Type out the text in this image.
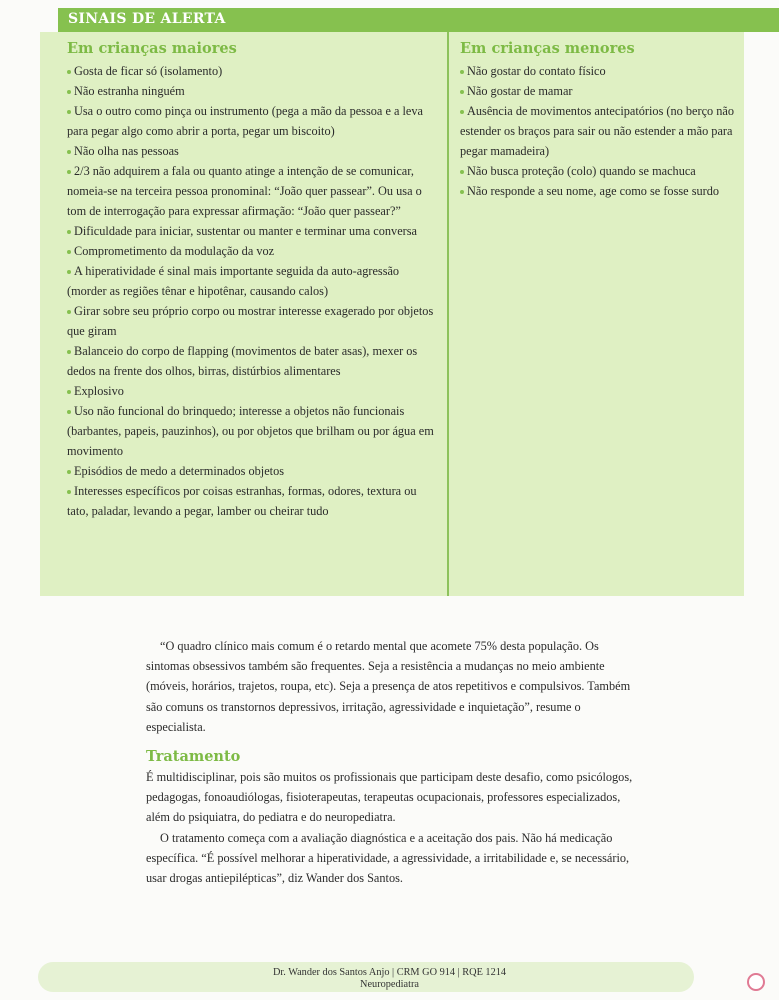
SINAIS DE ALERTA
Em crianças maiores
Gosta de ficar só (isolamento)
Não estranha ninguém
Usa o outro como pinça ou instrumento (pega a mão da pessoa e a leva para pegar algo como abrir a porta, pegar um biscoito)
Não olha nas pessoas
2/3 não adquirem a fala ou quanto atinge a intenção de se comunicar, nomeia-se na terceira pessoa pronominal: “João quer passear”. Ou usa o tom de interrogação para expressar afirmação: “João quer passear?”
Dificuldade para iniciar, sustentar ou manter e terminar uma conversa
Comprometimento da modulação da voz
A hiperatividade é sinal mais importante seguida da auto-agressão (morder as regiões tênar e hipotênar, causando calos)
Girar sobre seu próprio corpo ou mostrar interesse exagerado por objetos que giram
Balanceio do corpo de flapping (movimentos de bater asas), mexer os dedos na frente dos olhos, birras, distúrbios alimentares
Explosivo
Uso não funcional do brinquedo; interesse a objetos não funcionais (barbantes, papeis, pauzinhos), ou por objetos que brilham ou por água em movimento
Episódios de medo a determinados objetos
Interesses específicos por coisas estranhas, formas, odores, textura ou tato, paladar, levando a pegar, lamber ou cheirar tudo
Em crianças menores
Não gostar do contato físico
Não gostar de mamar
Ausência de movimentos antecipatórios (no berço não estender os braços para sair ou não estender a mão para pegar mamadeira)
Não busca proteção (colo) quando se machuca
Não responde a seu nome, age como se fosse surdo

“O quadro clínico mais comum é o retardo mental que acomete 75% desta população. Os sintomas obsessivos também são frequentes. Seja a resistência a mudanças no meio ambiente (móveis, horários, trajetos, roupa, etc). Seja a presença de atos repetitivos e compulsivos. Também são comuns os transtornos depressivos, irritação, agressividade e inquietação”, resume o especialista.

Tratamento

É multidisciplinar, pois são muitos os profissionais que participam deste desafio, como psicólogos, pedagogas, fonoaudiólogas, fisioterapeutas, terapeutas ocupacionais, professores especializados, além do psiquiatra, do pediatra e do neuropediatra.

O tratamento começa com a avaliação diagnóstica e a aceitação dos pais. Não há medicação específica. “É possível melhorar a hiperatividade, a agressividade, a irritabilidade e, se necessário, usar drogas antiepilépticas”, diz Wander dos Santos.

Dr. Wander dos Santos Anjo | CRM GO 914 | RQE 1214
Neuropediatra
